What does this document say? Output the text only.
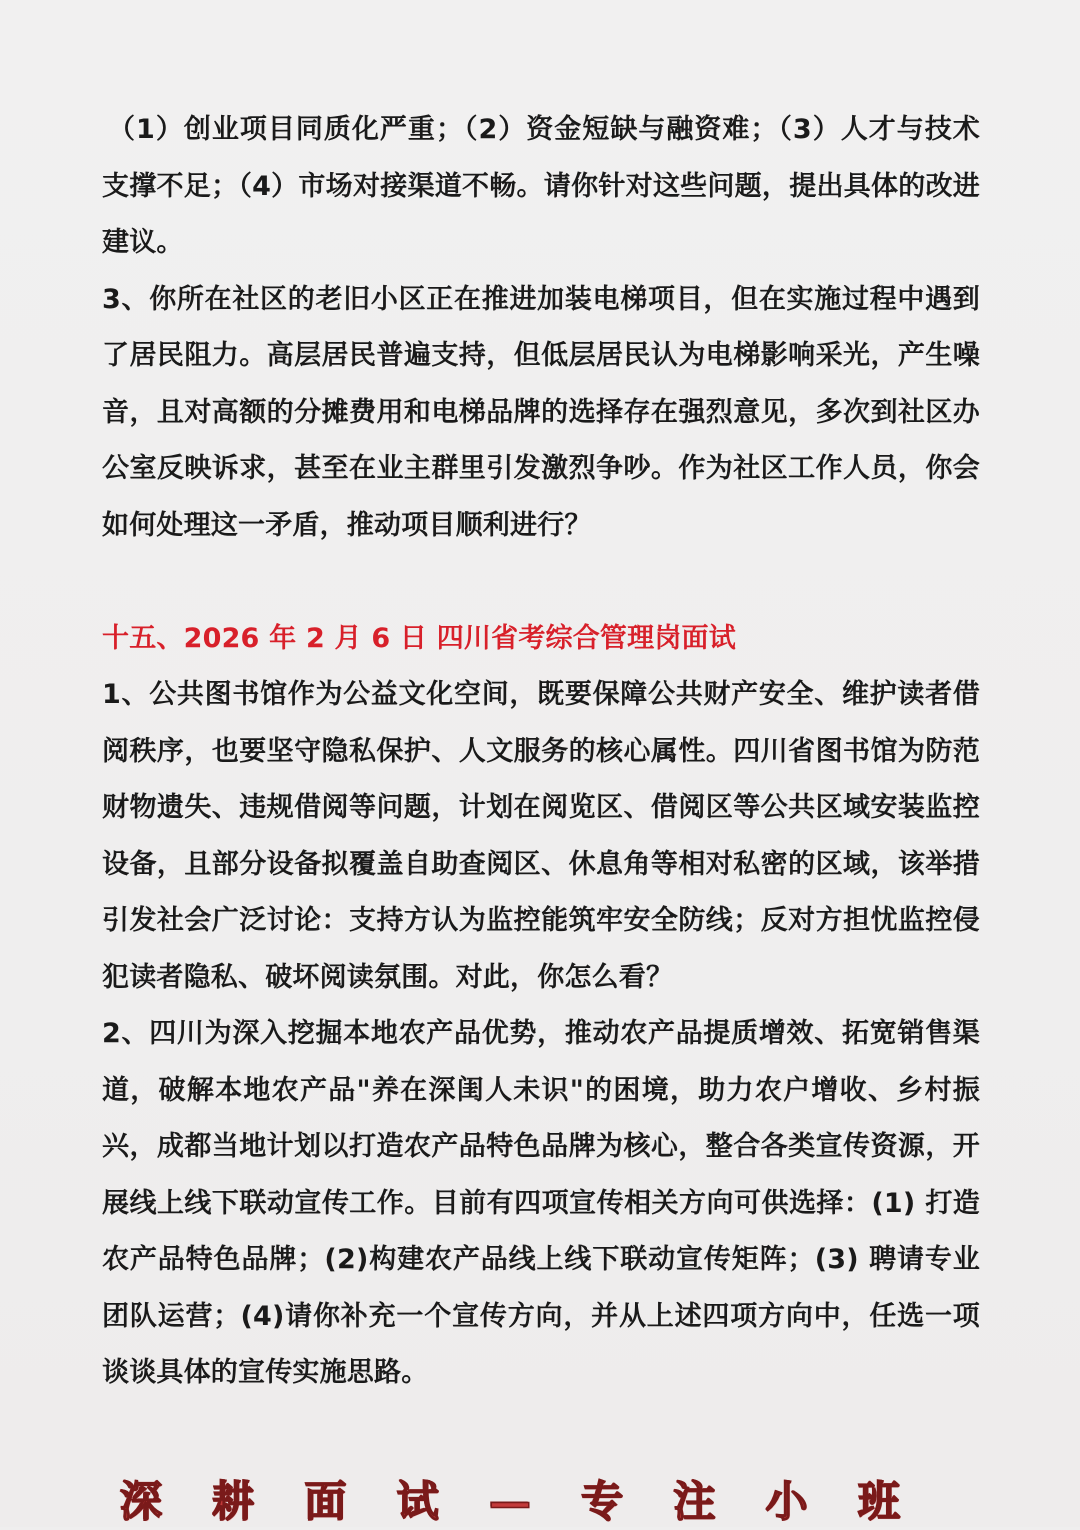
（1）创业项目同质化严重；（2）资金短缺与融资难；（3）人才与技术支撑不足；（4）市场对接渠道不畅。请你针对这些问题，提出具体的改进建议。

3、你所在社区的老旧小区正在推进加装电梯项目，但在实施过程中遇到了居民阻力。高层居民普遍支持，但低层居民认为电梯影响采光，产生噪音，且对高额的分摊费用和电梯品牌的选择存在强烈意见，多次到社区办公室反映诉求，甚至在业主群里引发激烈争吵。作为社区工作人员，你会如何处理这一矛盾，推动项目顺利进行？

十五、2026 年 2 月 6 日 四川省考综合管理岗面试

1、公共图书馆作为公益文化空间，既要保障公共财产安全、维护读者借阅秩序，也要坚守隐私保护、人文服务的核心属性。四川省图书馆为防范财物遗失、违规借阅等问题，计划在阅览区、借阅区等公共区域安装监控设备，且部分设备拟覆盖自助查阅区、休息角等相对私密的区域，该举措引发社会广泛讨论：支持方认为监控能筑牢安全防线；反对方担忧监控侵犯读者隐私、破坏阅读氛围。对此，你怎么看？

2、四川为深入挖掘本地农产品优势，推动农产品提质增效、拓宽销售渠道，破解本地农产品"养在深闺人未识"的困境，助力农户增收、乡村振兴，成都当地计划以打造农产品特色品牌为核心，整合各类宣传资源，开展线上线下联动宣传工作。目前有四项宣传相关方向可供选择：(1) 打造农产品特色品牌；(2)构建农产品线上线下联动宣传矩阵；(3) 聘请专业团队运营；(4)请你补充一个宣传方向，并从上述四项方向中，任选一项谈谈具体的宣传实施思路。

深 耕 面 试 — 专 注 小 班
